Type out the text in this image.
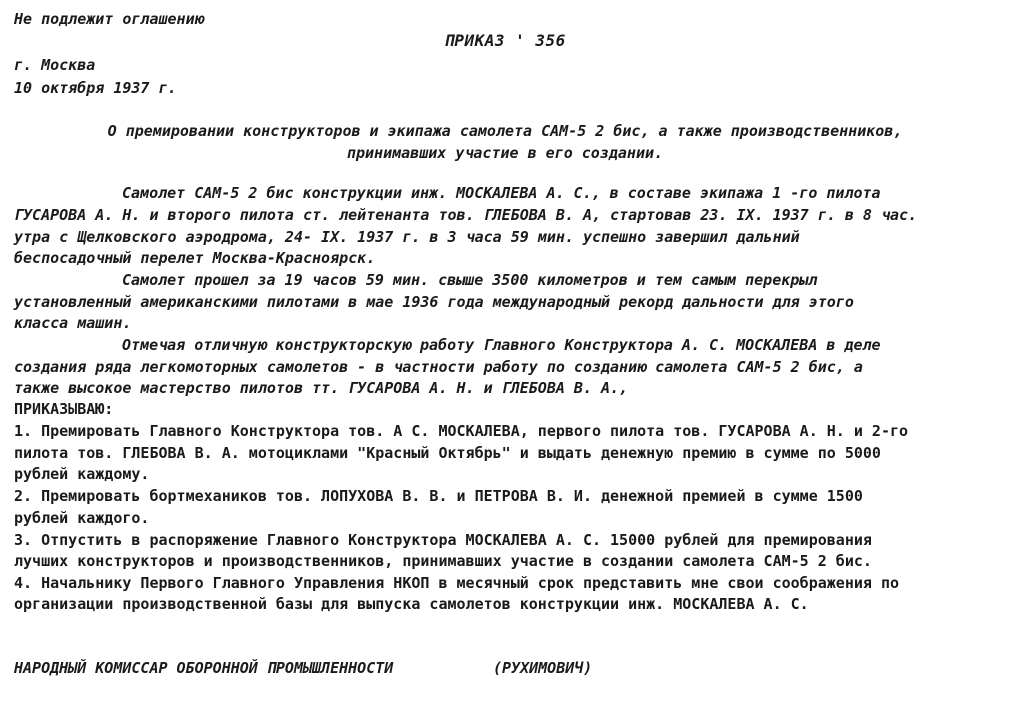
Не подлежит оглашению
ПРИКАЗ ' 356
г. Москва
10 октября 1937 г.
О премировании конструкторов и экипажа самолета САМ-5 2 бис, а также производственников,
принимавших участие в его создании.
Самолет САМ-5 2 бис конструкции инж. МОСКАЛЕВА А. С., в составе экипажа 1 -го пилота
ГУСАРОВА А. Н. и второго пилота ст. лейтенанта тов. ГЛЕБОВА В. А, стартовав 23. IX. 1937 г. в 8 час.
утра с Щелковского аэродрома, 24- IX. 1937 г. в 3 часа 59 мин. успешно завершил дальний
беспосадочный перелет Москва-Красноярск.
Самолет прошел за 19 часов 59 мин. свыше 3500 километров и тем самым перекрыл
установленный американскими пилотами в мае 1936 года международный рекорд дальности для этого
класса машин.
Отмечая отличную конструкторскую работу Главного Конструктора А. С. МОСКАЛЕВА в деле
создания ряда легкомоторных самолетов - в частности работу по созданию самолета САМ-5 2 бис, а
также высокое мастерство пилотов тт. ГУСАРОВА А. Н. и ГЛЕБОВА В. А.,
ПРИКАЗЫВАЮ:
1. Премировать Главного Конструктора тов. А С. МОСКАЛЕВА, первого пилота тов. ГУСАРОВА А. Н. и 2-го
пилота тов. ГЛЕБОВА В. А. мотоциклами "Красный Октябрь" и выдать денежную премию в сумме по 5000
рублей каждому.
2. Премировать бортмехаников тов. ЛОПУХОВА В. В. и ПЕТРОВА В. И. денежной премией в сумме 1500
рублей каждого.
3. Отпустить в распоряжение Главного Конструктора МОСКАЛЕВА А. С. 15000 рублей для премирования
лучших конструкторов и производственников, принимавших участие в создании самолета САМ-5 2 бис.
4. Начальнику Первого Главного Управления НКОП в месячный срок представить мне свои соображения по
организации производственной базы для выпуска самолетов конструкции инж. МОСКАЛЕВА А. С.
НАРОДНЫЙ КОМИССАР ОБОРОННОЙ ПРОМЫШЛЕННОСТИ	(РУХИМОВИЧ)
